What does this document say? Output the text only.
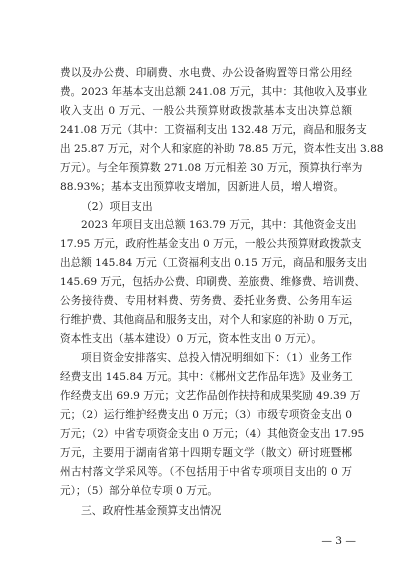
费以及办公费、印刷费、水电费、办公设备购置等日常公用经
费。2023 年基本支出总额 241.08 万元，其中：其他收入及事业
收入支出 0 万元、一般公共预算财政拨款基本支出决算总额
241.08 万元（其中：工资福利支出 132.48 万元，商品和服务支
出 25.87 万元，对个人和家庭的补助 78.85 万元，资本性支出 3.88
万元）。与全年预算数 271.08 万元相差 30 万元，预算执行率为
88.93%；基本支出预算收支增加，因新进人员，增人增资。
（2）项目支出
2023 年项目支出总额 163.79 万元，其中：其他资金支出
17.95 万元，政府性基金支出 0 万元，一般公共预算财政拨款支
出总额 145.84 万元（工资福利支出 0.15 万元，商品和服务支出
145.69 万元，包括办公费、印刷费、差旅费、维修费、培训费、
公务接待费、专用材料费、劳务费、委托业务费、公务用车运
行维护费、其他商品和服务支出，对个人和家庭的补助 0 万元，
资本性支出（基本建设）0 万元，资本性支出 0 万元）。
项目资金安排落实、总投入情况明细如下：（1）业务工作
经费支出 145.84 万元。其中：《郴州文艺作品年选》及业务工
作经费支出 69.9 万元；文艺作品创作扶持和成果奖励 49.39 万
元；（2）运行维护经费支出 0 万元；（3）市级专项资金支出 0
万元；（2）中省专项资金支出 0 万元；（4）其他资金支出 17.95
万元，主要用于湖南省第十四期专题文学（散文）研讨班暨郴
州古村落文学采风等。（不包括用于中省专项项目支出的 0 万
元）；（5）部分单位专项 0 万元。
三、政府性基金预算支出情况
— 3 —
